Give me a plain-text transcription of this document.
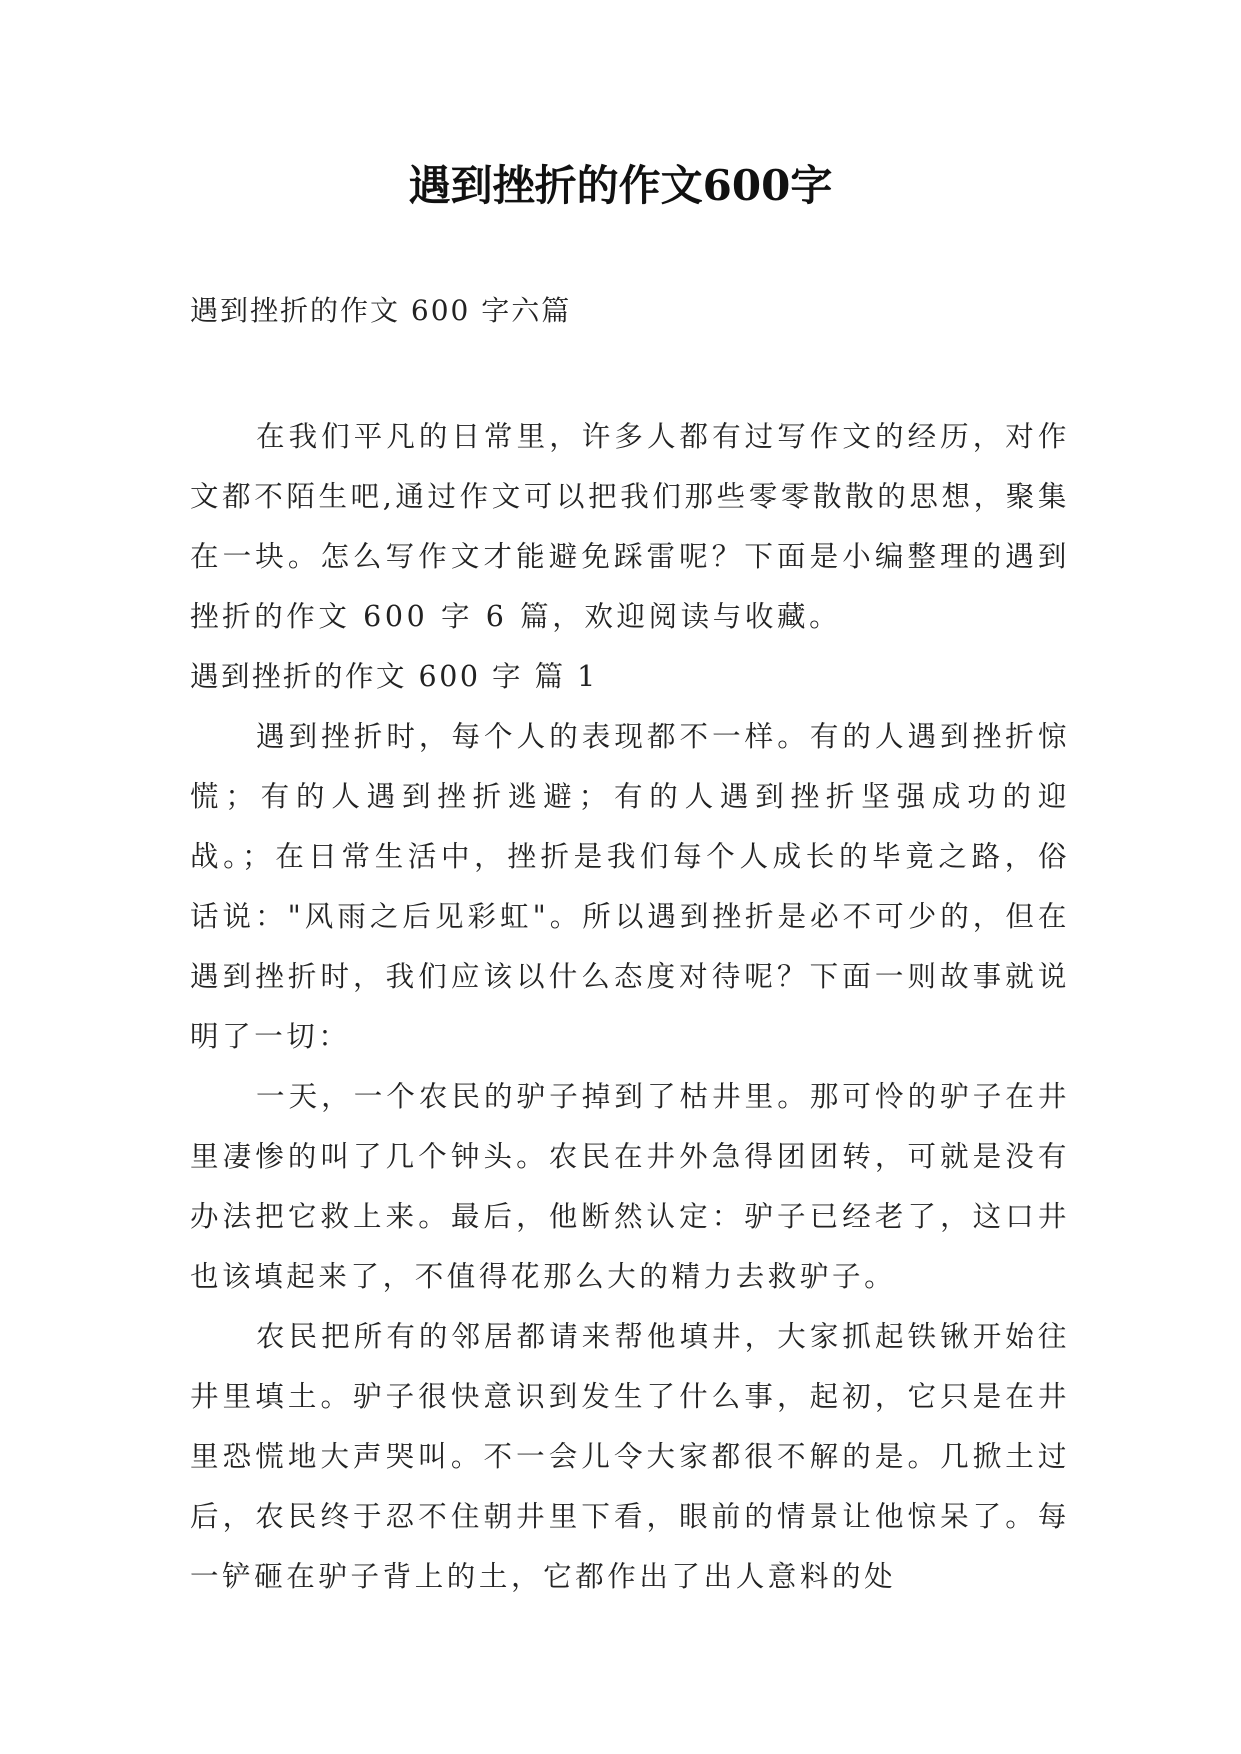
遇到挫折的作文600字

遇到挫折的作文 600 字六篇

在我们平凡的日常里，许多人都有过写作文的经历，对作文都不陌生吧,通过作文可以把我们那些零零散散的思想，聚集在一块。怎么写作文才能避免踩雷呢？下面是小编整理的遇到挫折的作文 600 字 6 篇，欢迎阅读与收藏。

遇到挫折的作文 600 字 篇 1

遇到挫折时，每个人的表现都不一样。有的人遇到挫折惊慌；有的人遇到挫折逃避；有的人遇到挫折坚强成功的迎战。；在日常生活中，挫折是我们每个人成长的毕竟之路，俗话说："风雨之后见彩虹"。所以遇到挫折是必不可少的，但在遇到挫折时，我们应该以什么态度对待呢？下面一则故事就说明了一切：

一天，一个农民的驴子掉到了枯井里。那可怜的驴子在井里凄惨的叫了几个钟头。农民在井外急得团团转，可就是没有办法把它救上来。最后，他断然认定：驴子已经老了，这口井也该填起来了，不值得花那么大的精力去救驴子。

农民把所有的邻居都请来帮他填井，大家抓起铁锹开始往井里填土。驴子很快意识到发生了什么事，起初，它只是在井里恐慌地大声哭叫。不一会儿令大家都很不解的是。几掀土过后，农民终于忍不住朝井里下看，眼前的情景让他惊呆了。每一铲砸在驴子背上的土，它都作出了出人意料的处
